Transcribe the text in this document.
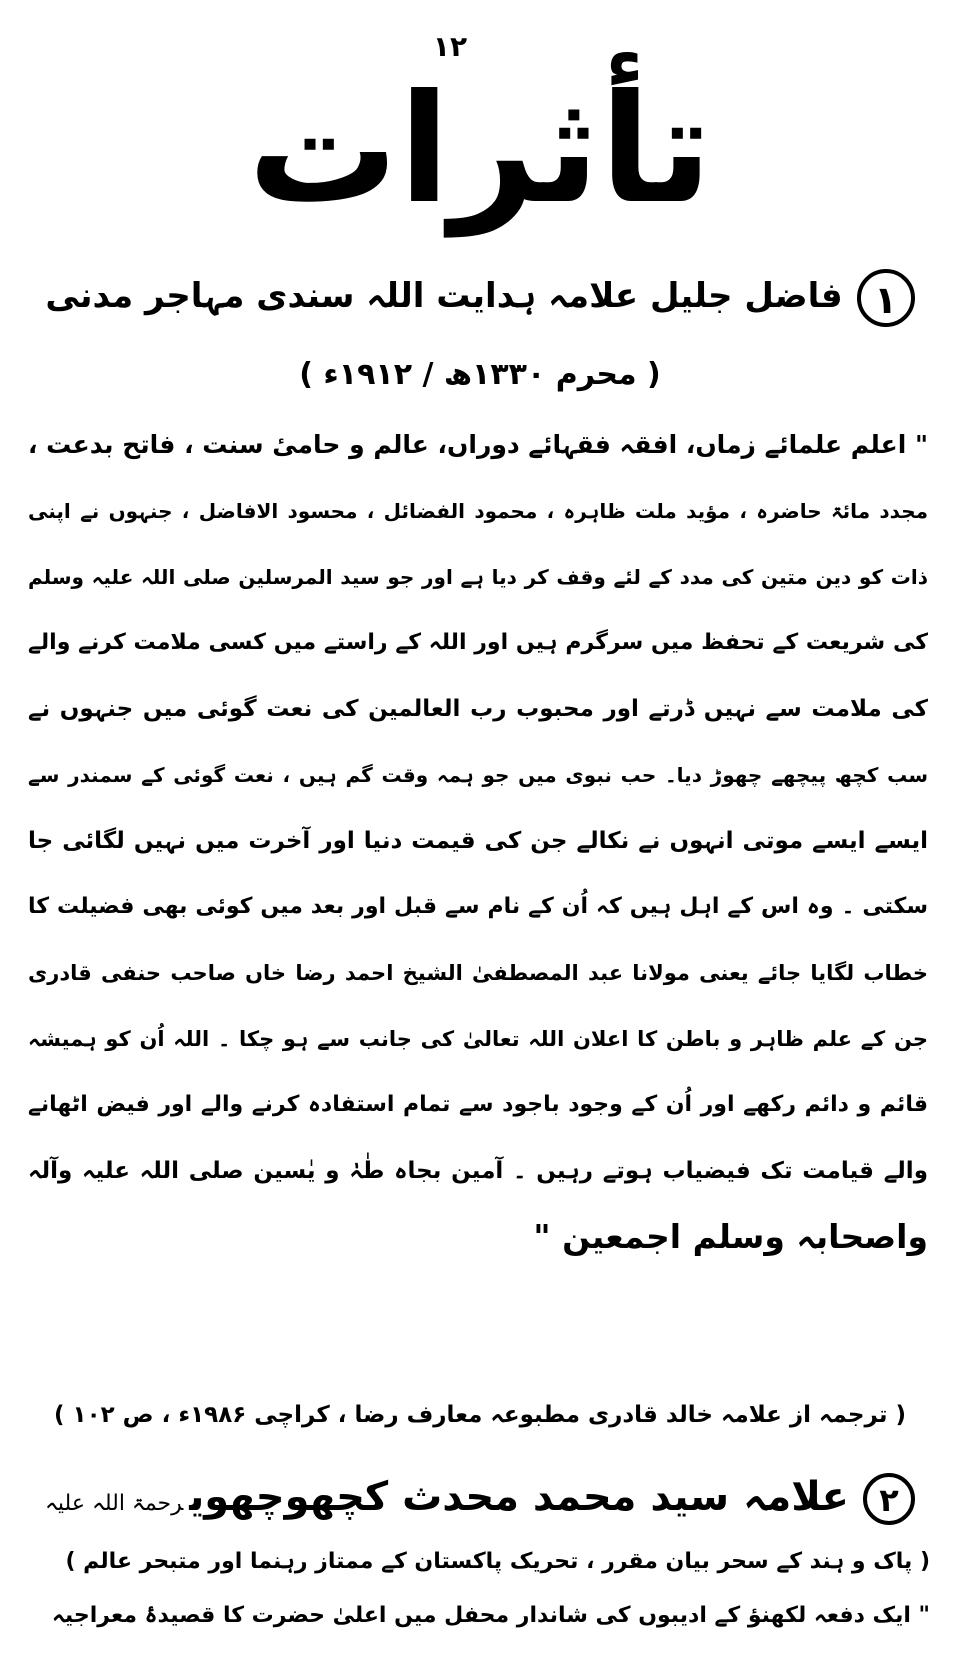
۱۲
تأثرات
۱فاضل جلیل علامہ ہدایت اللہ سندی مہاجر مدنی
( محرم ۱۳۳۰ھ / ۱۹۱۲ء )
" اعلم علمائے زماں، افقہ فقہائے دوراں، عالم و حامیٔ سنت ، فاتح بدعت ،
مجدد مائۃ حاضرہ ، مؤید ملت ظاہرہ ، محمود الفضائل ، محسود الافاضل ، جنہوں نے اپنی
ذات کو دین متین کی مدد کے لئے وقف کر دیا ہے اور جو سید المرسلین صلی اللہ علیہ وسلم
کی شریعت کے تحفظ میں سرگرم ہیں اور اللہ کے راستے میں کسی ملامت کرنے والے
کی ملامت سے نہیں ڈرتے اور محبوب رب العالمین کی نعت گوئی میں جنہوں نے
سب کچھ پیچھے چھوڑ دیا۔ حب نبوی میں جو ہمہ وقت گم ہیں ، نعت گوئی کے سمندر سے
ایسے ایسے موتی انہوں نے نکالے جن کی قیمت دنیا اور آخرت میں نہیں لگائی جا
سکتی ۔ وہ اس کے اہل ہیں کہ اُن کے نام سے قبل اور بعد میں کوئی بھی فضیلت کا
خطاب لگایا جائے یعنی مولانا عبد المصطفیٰ الشیخ احمد رضا خاں صاحب حنفی قادری
جن کے علم ظاہر و باطن کا اعلان اللہ تعالیٰ کی جانب سے ہو چکا ۔ اللہ اُن کو ہمیشہ
قائم و دائم رکھے اور اُن کے وجود باجود سے تمام استفادہ کرنے والے اور فیض اٹھانے
والے قیامت تک فیضیاب ہوتے رہیں ۔ آمین بجاہ طٰہٰ و یٰسین صلی اللہ علیہ وآلہ
واصحابہ وسلم اجمعین "
( ترجمہ از علامہ خالد قادری مطبوعہ معارف رضا ، کراچی ۱۹۸۶ء ، ص ۱۰۲ )
۲علامہ سید محمد محدث کچھوچھویرحمۃ اللہ علیہ
( پاک و ہند کے سحر بیان مقرر ، تحریک پاکستان کے ممتاز رہنما اور متبحر عالم )
" ایک دفعہ لکھنؤ کے ادیبوں کی شاندار محفل میں اعلیٰ حضرت کا قصیدۂ معراجیہ
